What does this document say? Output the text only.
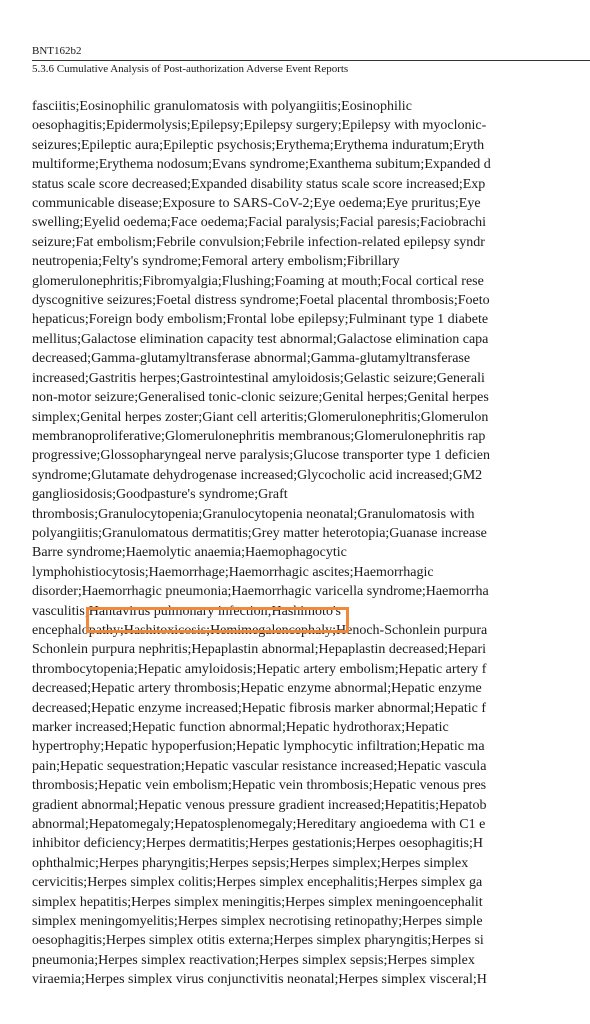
BNT162b2
5.3.6 Cumulative Analysis of Post-authorization Adverse Event Reports
fasciitis;Eosinophilic granulomatosis with polyangiitis;Eosinophilic
oesophagitis;Epidermolysis;Epilepsy;Epilepsy surgery;Epilepsy with myoclonic-
seizures;Epileptic aura;Epileptic psychosis;Erythema;Erythema induratum;Eryth
multiforme;Erythema nodosum;Evans syndrome;Exanthema subitum;Expanded d
status scale score decreased;Expanded disability status scale score increased;Exp
communicable disease;Exposure to SARS-CoV-2;Eye oedema;Eye pruritus;Eye
swelling;Eyelid oedema;Face oedema;Facial paralysis;Facial paresis;Faciobrachi
seizure;Fat embolism;Febrile convulsion;Febrile infection-related epilepsy syndr
neutropenia;Felty's syndrome;Femoral artery embolism;Fibrillary
glomerulonephritis;Fibromyalgia;Flushing;Foaming at mouth;Focal cortical rese
dyscognitive seizures;Foetal distress syndrome;Foetal placental thrombosis;Foeto
hepaticus;Foreign body embolism;Frontal lobe epilepsy;Fulminant type 1 diabete
mellitus;Galactose elimination capacity test abnormal;Galactose elimination capa
decreased;Gamma-glutamyltransferase abnormal;Gamma-glutamyltransferase
increased;Gastritis herpes;Gastrointestinal amyloidosis;Gelastic seizure;Generali
non-motor seizure;Generalised tonic-clonic seizure;Genital herpes;Genital herpes
simplex;Genital herpes zoster;Giant cell arteritis;Glomerulonephritis;Glomerulon
membranoproliferative;Glomerulonephritis membranous;Glomerulonephritis rap
progressive;Glossopharyngeal nerve paralysis;Glucose transporter type 1 deficien
syndrome;Glutamate dehydrogenase increased;Glycocholic acid increased;GM2
gangliosidosis;Goodpasture's syndrome;Graft
thrombosis;Granulocytopenia;Granulocytopenia neonatal;Granulomatosis with
polyangiitis;Granulomatous dermatitis;Grey matter heterotopia;Guanase increase
Barre syndrome;Haemolytic anaemia;Haemophagocytic
lymphohistiocytosis;Haemorrhage;Haemorrhagic ascites;Haemorrhagic
disorder;Haemorrhagic pneumonia;Haemorrhagic varicella syndrome;Haemorrha
vasculitis;Hantavirus pulmonary infection;Hashimoto's
encephalopathy;Hashitoxicosis;Hemimegalencephaly;Henoch-Schonlein purpura
Schonlein purpura nephritis;Hepaplastin abnormal;Hepaplastin decreased;Hepari
thrombocytopenia;Hepatic amyloidosis;Hepatic artery embolism;Hepatic artery f
decreased;Hepatic artery thrombosis;Hepatic enzyme abnormal;Hepatic enzyme
decreased;Hepatic enzyme increased;Hepatic fibrosis marker abnormal;Hepatic f
marker increased;Hepatic function abnormal;Hepatic hydrothorax;Hepatic
hypertrophy;Hepatic hypoperfusion;Hepatic lymphocytic infiltration;Hepatic ma
pain;Hepatic sequestration;Hepatic vascular resistance increased;Hepatic vascula
thrombosis;Hepatic vein embolism;Hepatic vein thrombosis;Hepatic venous pres
gradient abnormal;Hepatic venous pressure gradient increased;Hepatitis;Hepatob
abnormal;Hepatomegaly;Hepatosplenomegaly;Hereditary angioedema with C1 e
inhibitor deficiency;Herpes dermatitis;Herpes gestationis;Herpes oesophagitis;H
ophthalmic;Herpes pharyngitis;Herpes sepsis;Herpes simplex;Herpes simplex
cervicitis;Herpes simplex colitis;Herpes simplex encephalitis;Herpes simplex ga
simplex hepatitis;Herpes simplex meningitis;Herpes simplex meningoencephalit
simplex meningomyelitis;Herpes simplex necrotising retinopathy;Herpes simple
oesophagitis;Herpes simplex otitis externa;Herpes simplex pharyngitis;Herpes si
pneumonia;Herpes simplex reactivation;Herpes simplex sepsis;Herpes simplex
viraemia;Herpes simplex virus conjunctivitis neonatal;Herpes simplex visceral;H
